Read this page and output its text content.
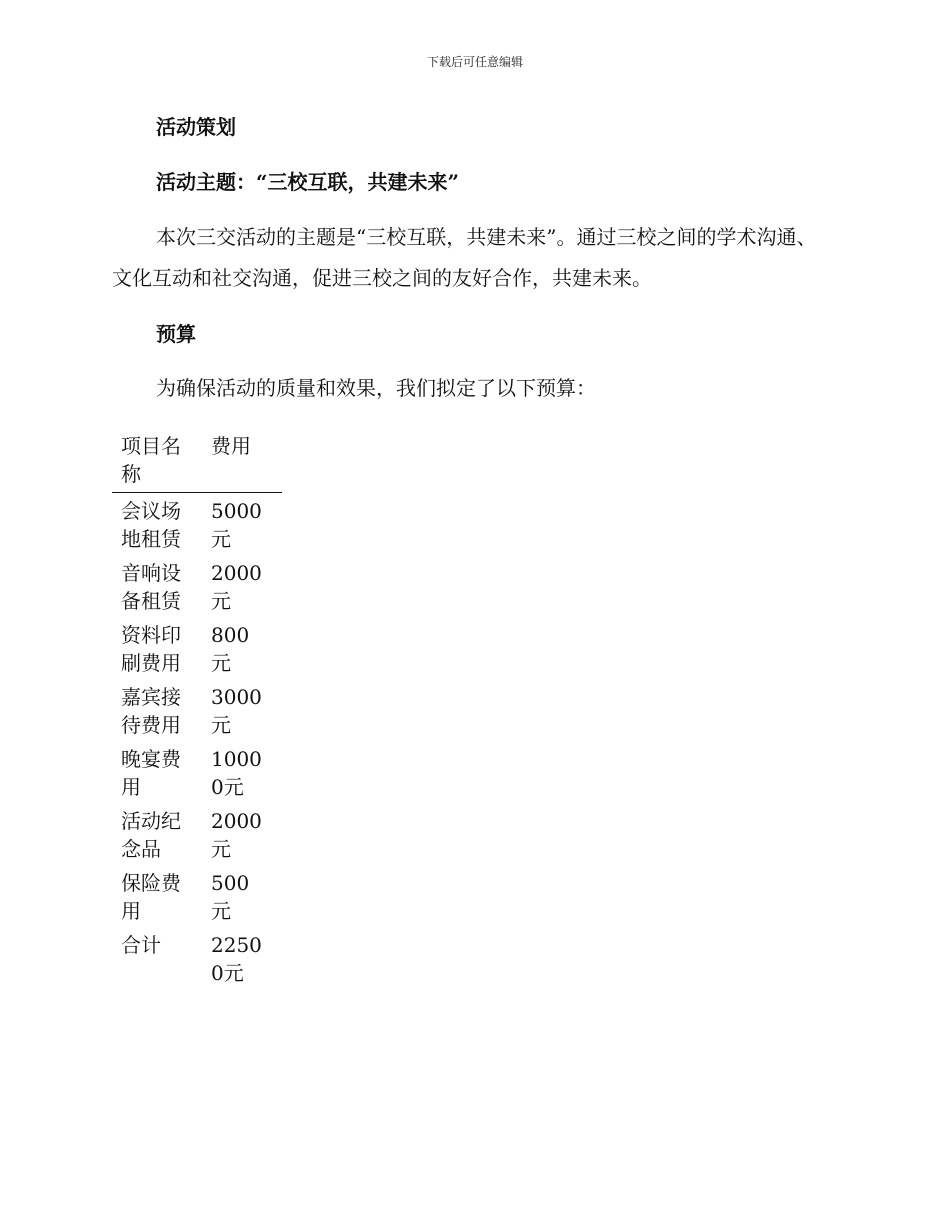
下载后可任意编辑
活动策划
活动主题：“三校互联，共建未来”

本次三交活动的主题是“三校互联，共建未来”。通过三校之间的学术沟通、文化互动和社交沟通，促进三校之间的友好合作，共建未来。

预算

为确保活动的质量和效果，我们拟定了以下预算：

项目名称	费用
会议场地租赁	5000元
音响设备租赁	2000元
资料印刷费用	800元
嘉宾接待费用	3000元
晚宴费用	10000元
活动纪念品	2000元
保险费用	500元
合计	22500元
